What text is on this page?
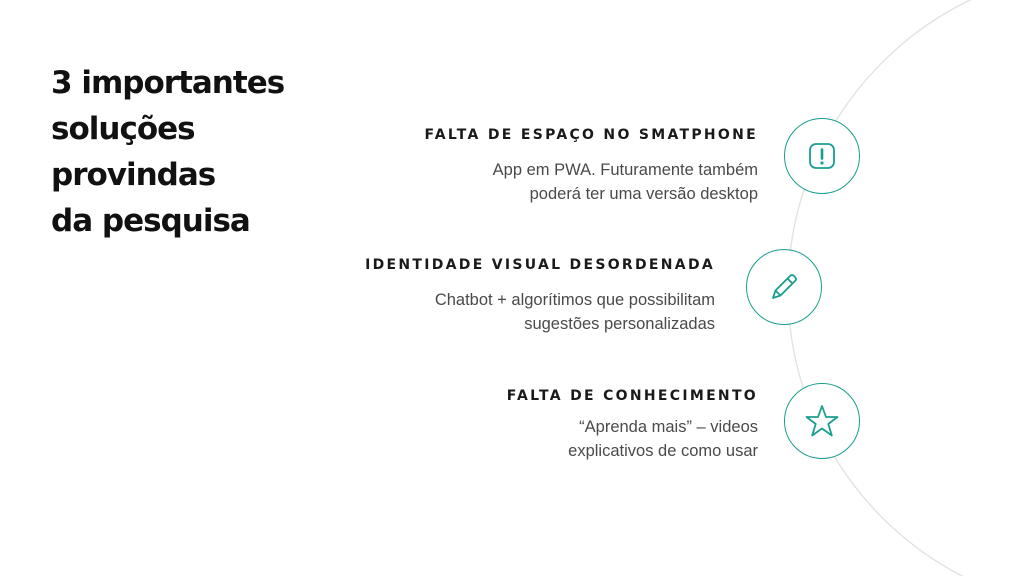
3 importantes
soluções
provindas
da pesquisa
FALTA DE ESPAÇO NO SMATPHONE
App em PWA. Futuramente também
poderá ter uma versão desktop
IDENTIDADE VISUAL DESORDENADA
Chatbot + algorítimos que possibilitam
sugestões personalizadas
FALTA DE CONHECIMENTO
“Aprenda mais” – videos
explicativos de como usar
